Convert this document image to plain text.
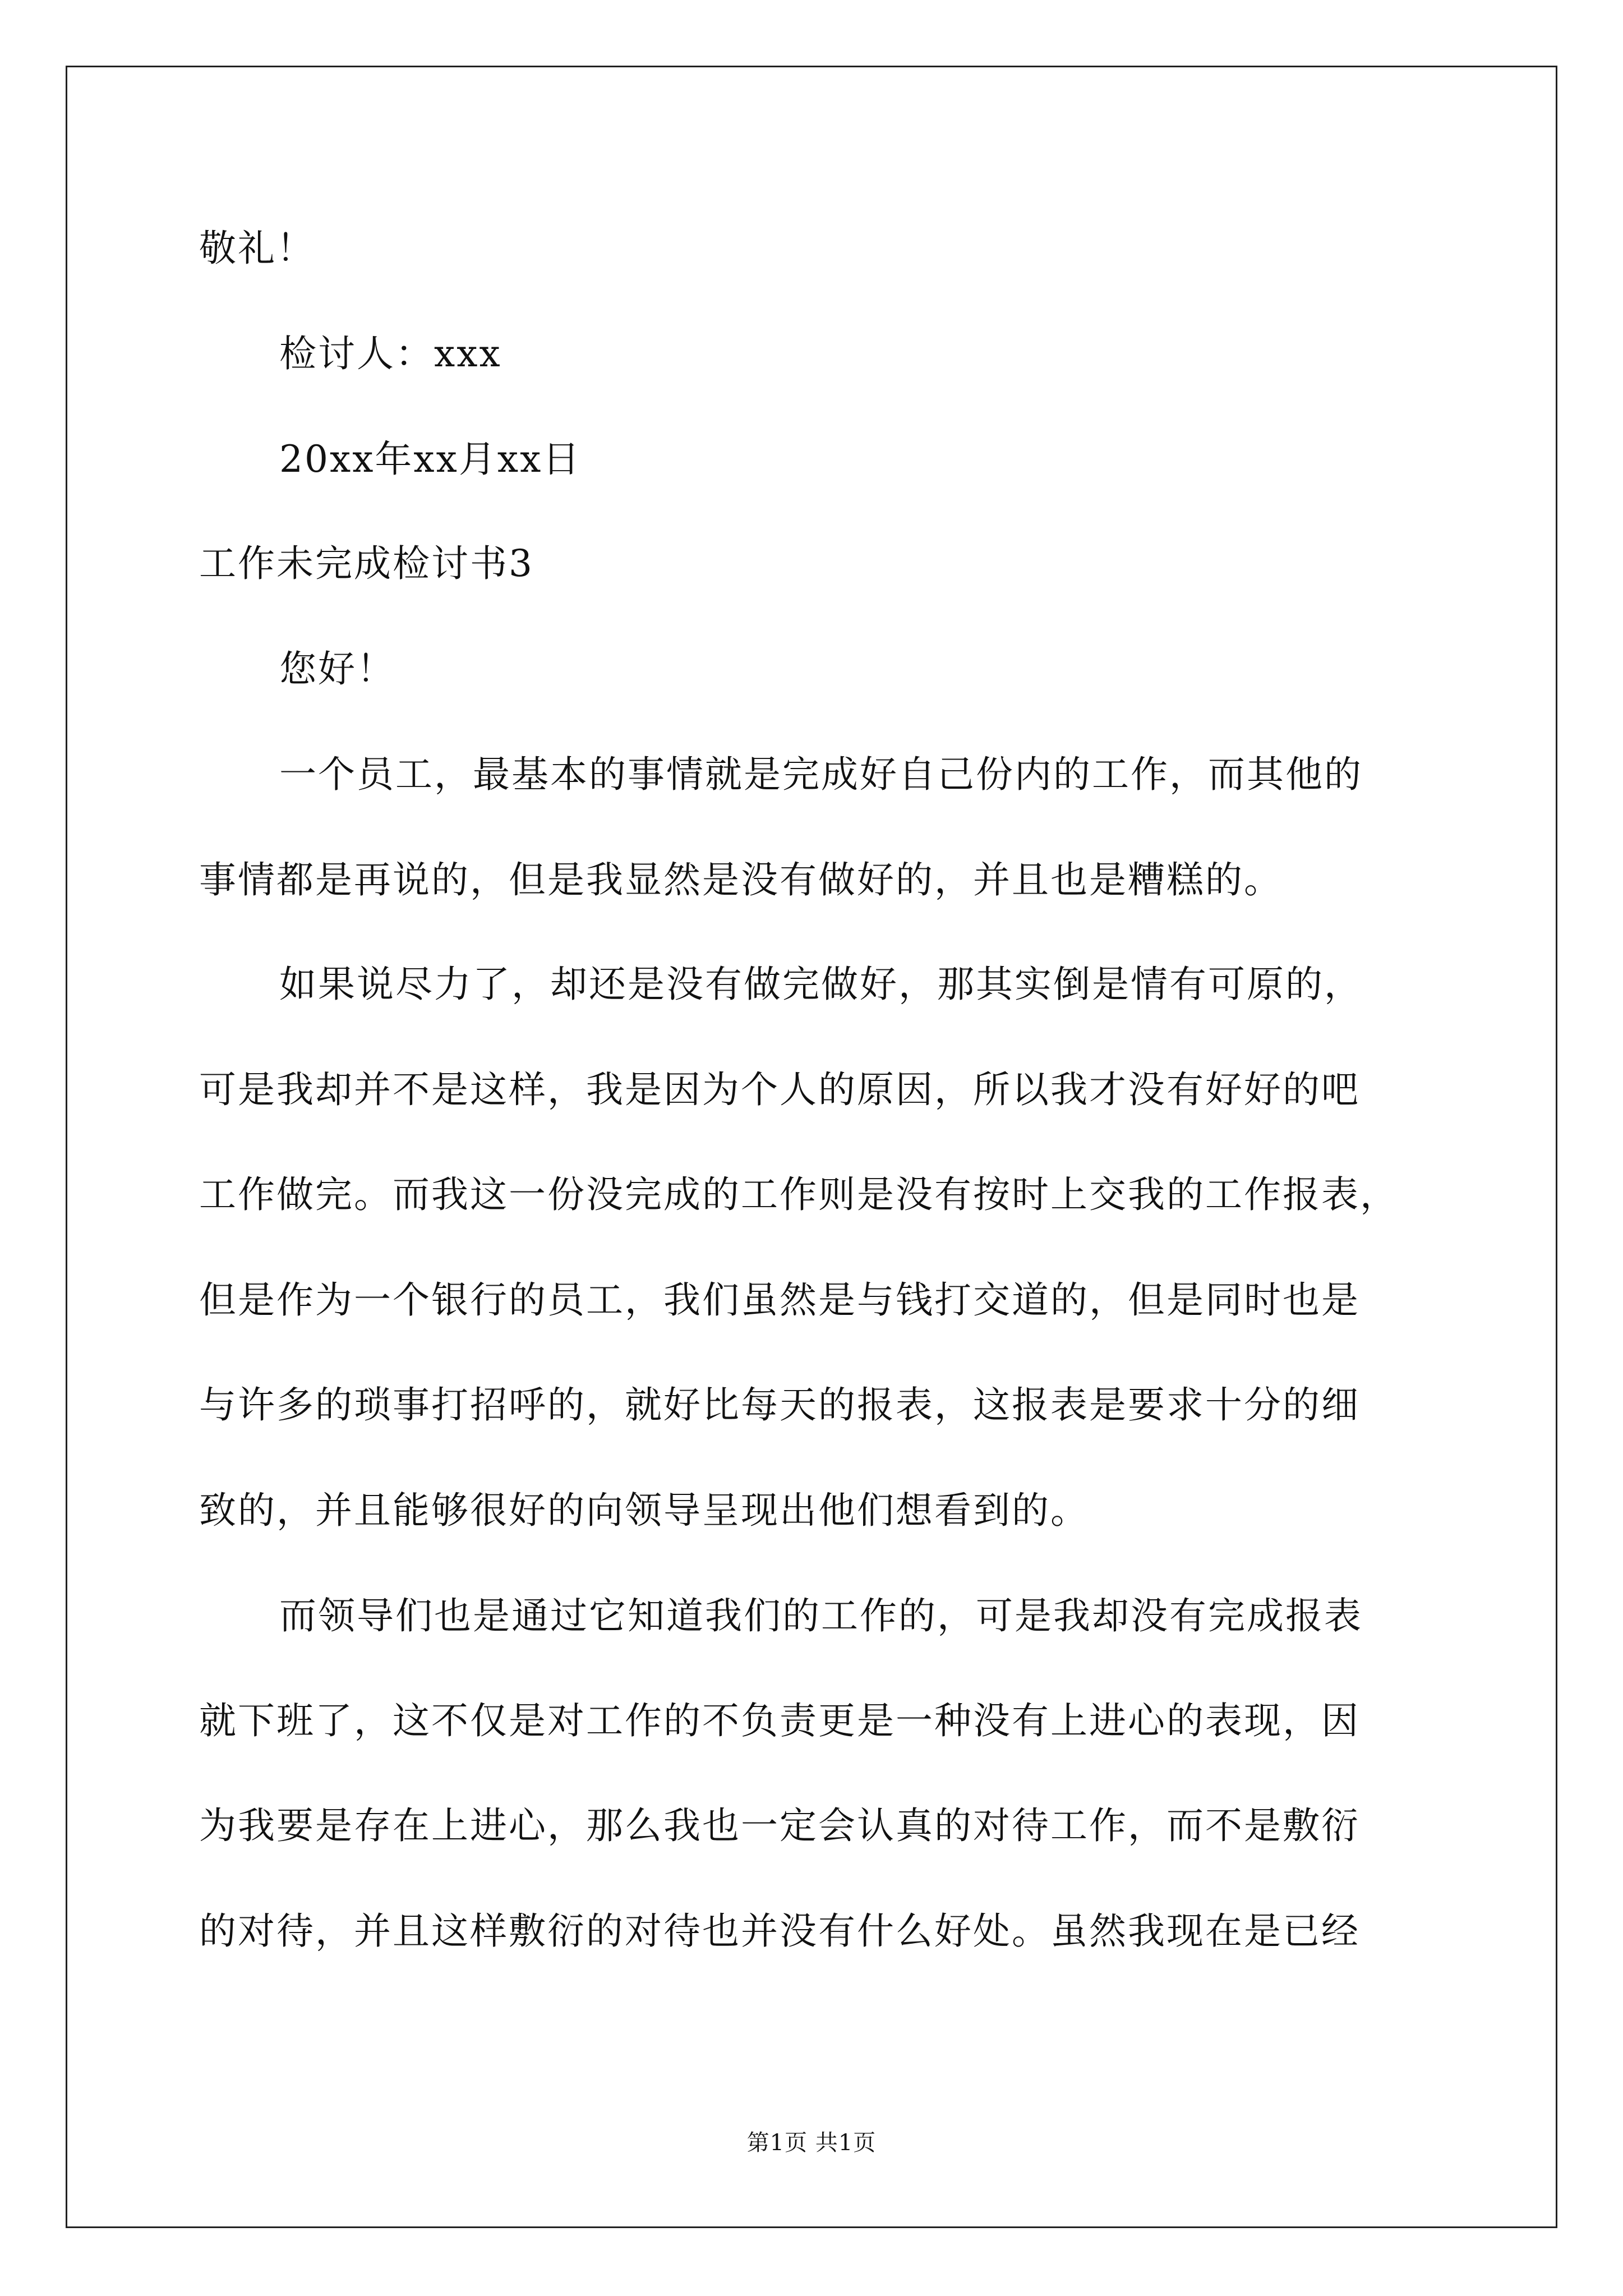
敬礼！
检讨人：xxx
20xx年xx月xx日
工作未完成检讨书3
您好！
一个员工，最基本的事情就是完成好自己份内的工作，而其他的
事情都是再说的，但是我显然是没有做好的，并且也是糟糕的。
如果说尽力了，却还是没有做完做好，那其实倒是情有可原的，
可是我却并不是这样，我是因为个人的原因，所以我才没有好好的吧
工作做完。而我这一份没完成的工作则是没有按时上交我的工作报表，
但是作为一个银行的员工，我们虽然是与钱打交道的，但是同时也是
与许多的琐事打招呼的，就好比每天的报表，这报表是要求十分的细
致的，并且能够很好的向领导呈现出他们想看到的。
而领导们也是通过它知道我们的工作的，可是我却没有完成报表
就下班了，这不仅是对工作的不负责更是一种没有上进心的表现，因
为我要是存在上进心，那么我也一定会认真的对待工作，而不是敷衍
的对待，并且这样敷衍的对待也并没有什么好处。虽然我现在是已经
第1页 共1页
